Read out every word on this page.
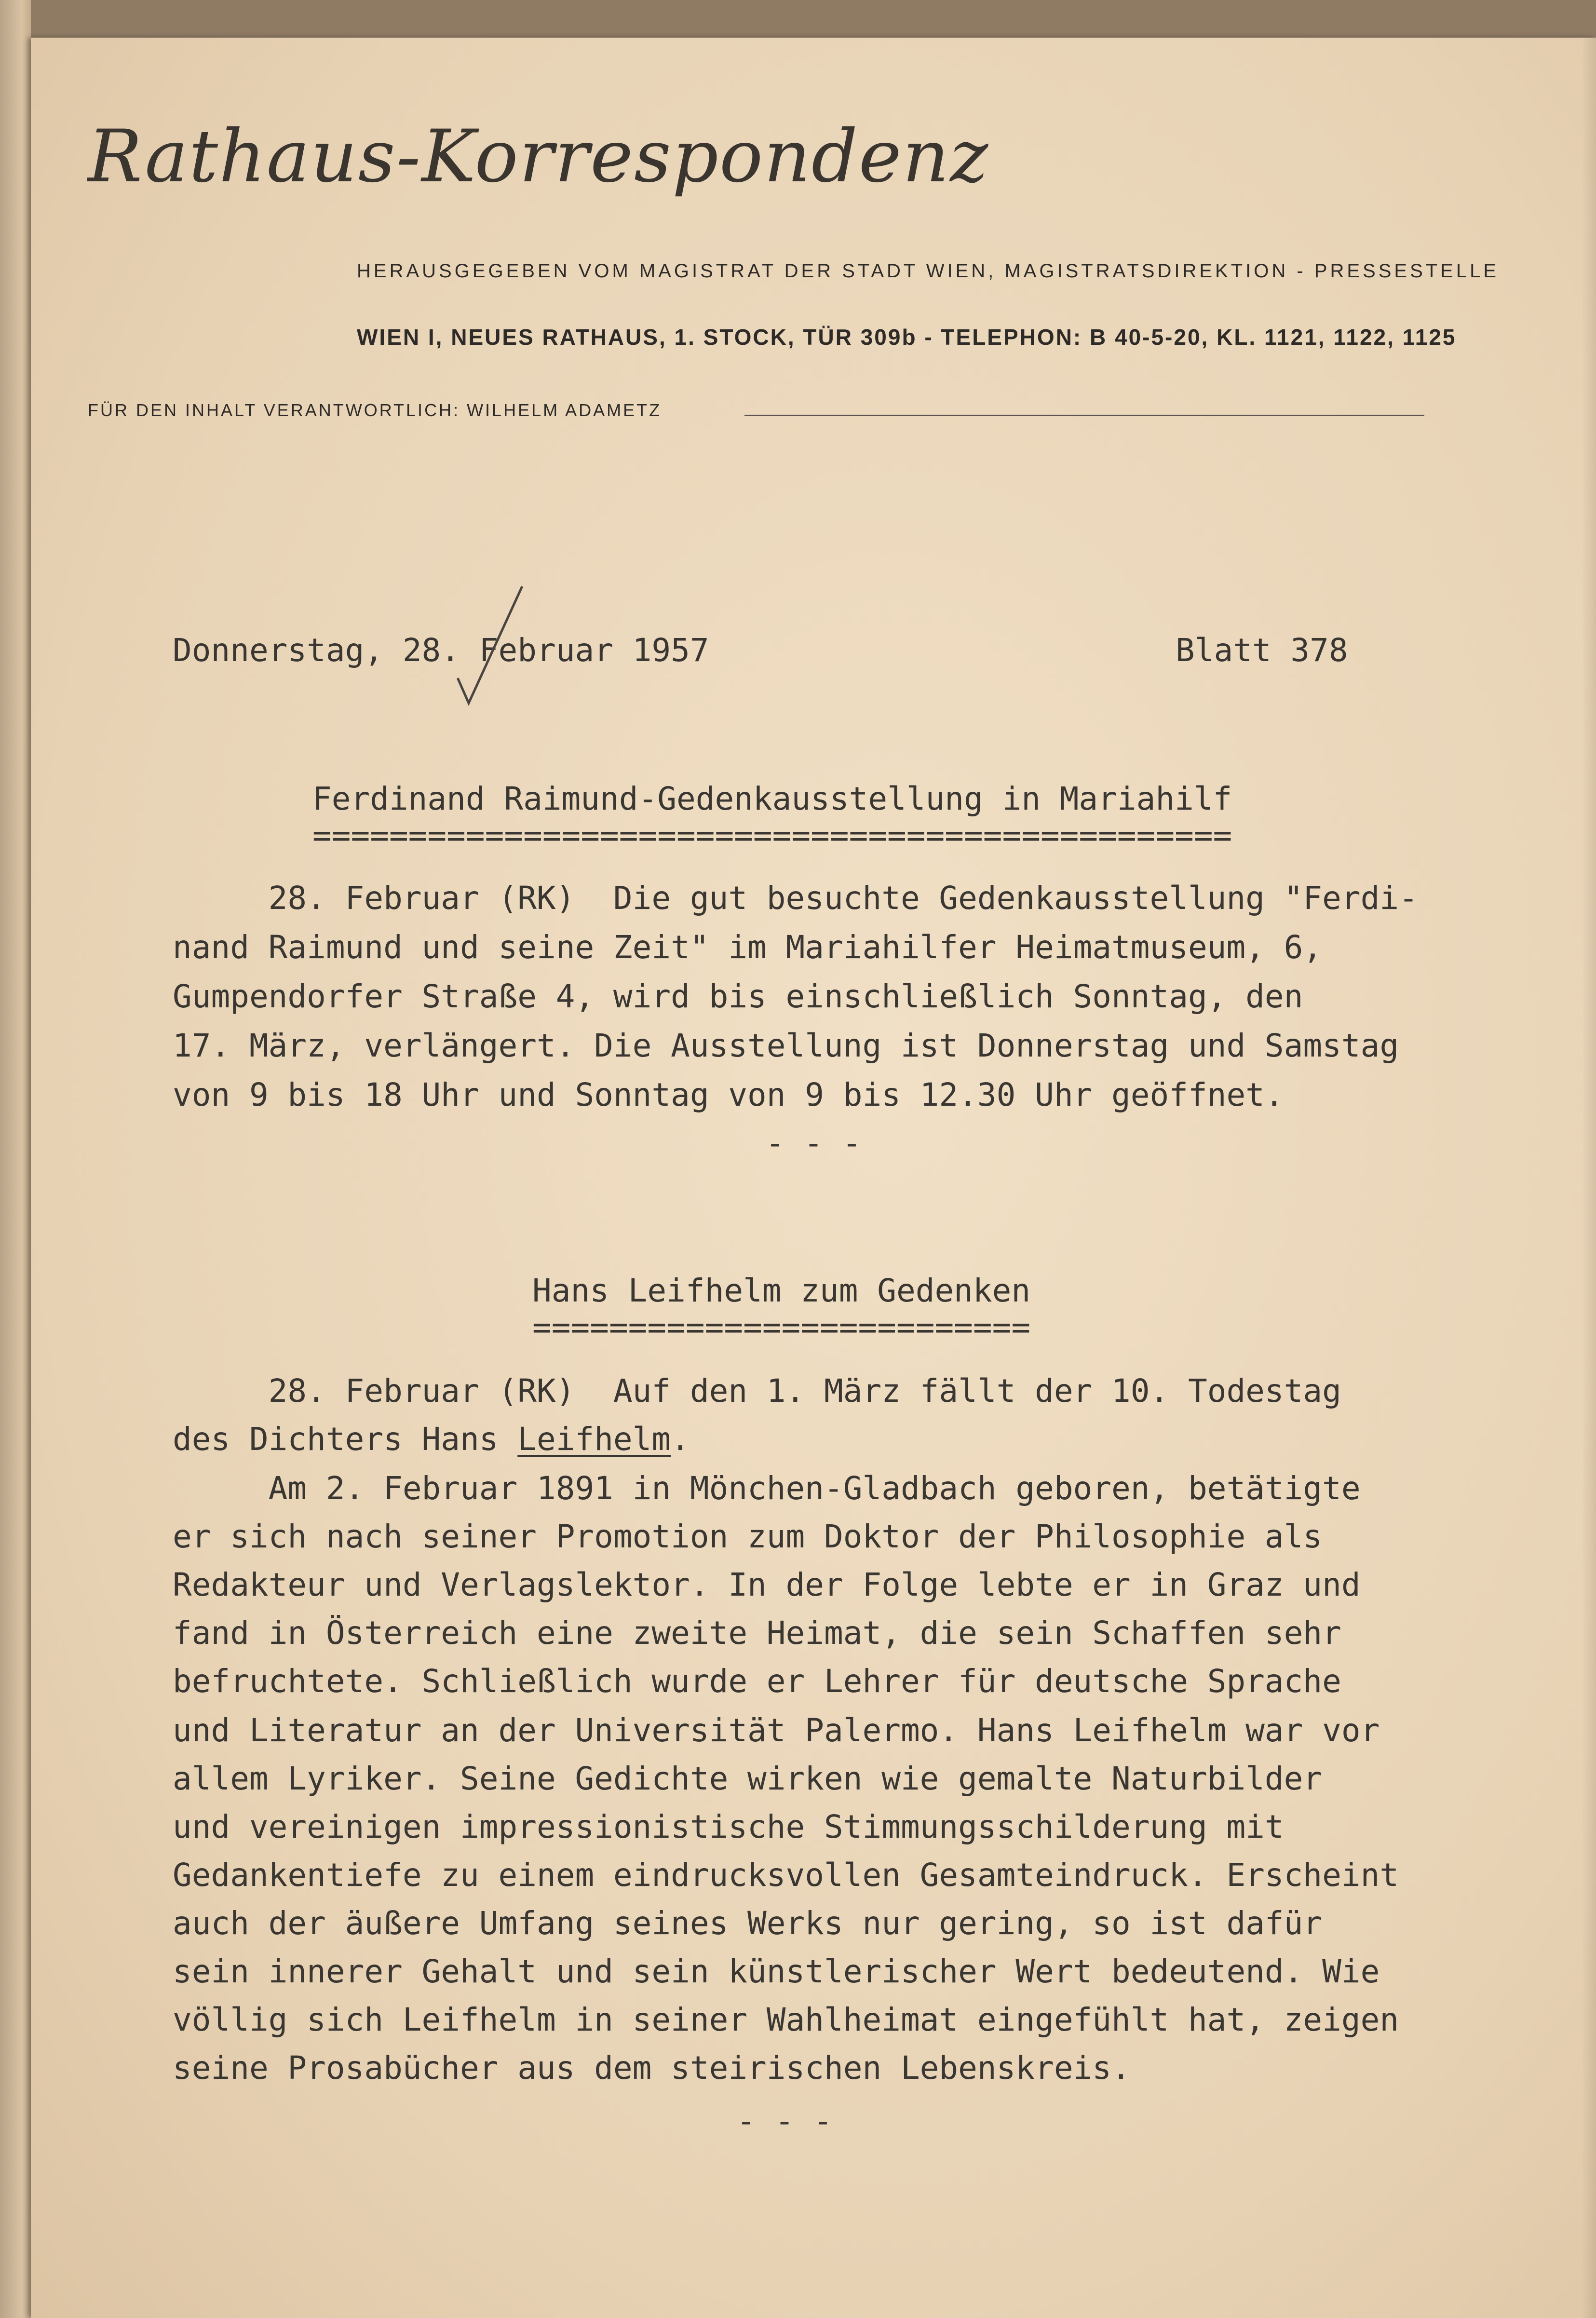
Rathaus-Korrespondenz
HERAUSGEGEBEN VOM MAGISTRAT DER STADT WIEN, MAGISTRATSDIREKTION - PRESSESTELLE
WIEN I, NEUES RATHAUS, 1. STOCK, TÜR 309b - TELEPHON: B 40-5-20, KL. 1121, 1122, 1125
FÜR DEN INHALT VERANTWORTLICH: WILHELM ADAMETZ
Donnerstag, 28. Februar 1957	Blatt 378
Ferdinand Raimund-Gedenkausstellung in Mariahilf
================================================
28. Februar (RK)  Die gut besuchte Gedenkausstellung "Ferdi-
nand Raimund und seine Zeit" im Mariahilfer Heimatmuseum, 6,
Gumpendorfer Straße 4, wird bis einschließlich Sonntag, den
17. März, verlängert. Die Ausstellung ist Donnerstag und Samstag
von 9 bis 18 Uhr und Sonntag von 9 bis 12.30 Uhr geöffnet.
- - -
Hans Leifhelm zum Gedenken
==========================
28. Februar (RK)  Auf den 1. März fällt der 10. Todestag
des Dichters Hans Leifhelm.
Am 2. Februar 1891 in Mönchen-Gladbach geboren, betätigte
er sich nach seiner Promotion zum Doktor der Philosophie als
Redakteur und Verlagslektor. In der Folge lebte er in Graz und
fand in Österreich eine zweite Heimat, die sein Schaffen sehr
befruchtete. Schließlich wurde er Lehrer für deutsche Sprache
und Literatur an der Universität Palermo. Hans Leifhelm war vor
allem Lyriker. Seine Gedichte wirken wie gemalte Naturbilder
und vereinigen impressionistische Stimmungsschilderung mit
Gedankentiefe zu einem eindrucksvollen Gesamteindruck. Erscheint
auch der äußere Umfang seines Werks nur gering, so ist dafür
sein innerer Gehalt und sein künstlerischer Wert bedeutend. Wie
völlig sich Leifhelm in seiner Wahlheimat eingefühlt hat, zeigen
seine Prosabücher aus dem steirischen Lebenskreis.
- - -
